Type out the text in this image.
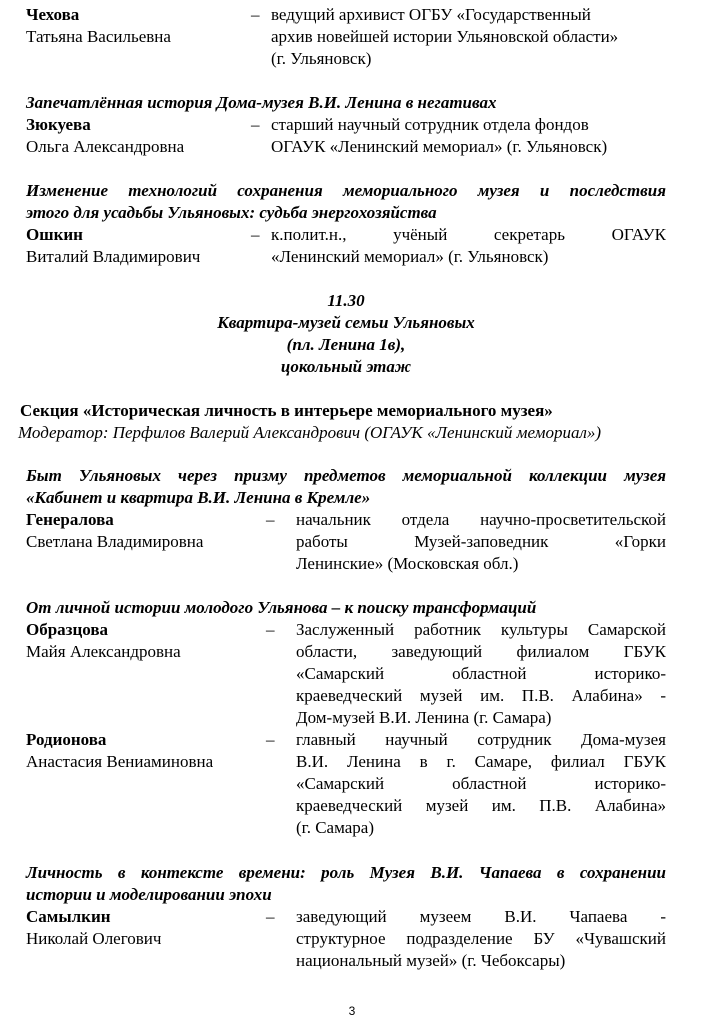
Чехова
Татьяна Васильевна
– ведущий архивист ОГБУ «Государственный
архив новейшей истории Ульяновской области»
(г. Ульяновск)
Запечатлённая история Дома-музея В.И. Ленина в негативах
Зюкуева
Ольга Александровна
– старший научный сотрудник отдела фондов
ОГАУК «Ленинский мемориал» (г. Ульяновск)
Изменение технологий сохранения мемориального музея и последствия
этого для усадьбы Ульяновых: судьба энергохозяйства
Ошкин
Виталий Владимирович
– к.полит.н., учёный секретарь ОГАУК
«Ленинский мемориал» (г. Ульяновск)
11.30
Квартира-музей семьи Ульяновых
(пл. Ленина 1в),
цокольный этаж
Секция «Историческая личность в интерьере мемориального музея»
Модератор: Перфилов Валерий Александрович (ОГАУК «Ленинский мемориал»)
Быт Ульяновых через призму предметов мемориальной коллекции музея
«Кабинет и квартира В.И. Ленина в Кремле»
Генералова
Светлана Владимировна
–	начальник отдела научно-просветительской
работы Музей-заповедник «Горки
Ленинские» (Московская обл.)
От личной истории молодого Ульянова – к поиску трансформаций
Образцова
Майя Александровна
–	Заслуженный работник культуры Самарской
области, заведующий филиалом ГБУК
«Самарский областной историко-
краеведческий музей им. П.В. Алабина» -
Дом-музей В.И. Ленина (г. Самара)
Родионова
Анастасия Вениаминовна
–	главный научный сотрудник Дома-музея
В.И. Ленина в г. Самаре, филиал ГБУК
«Самарский областной историко-
краеведческий музей им. П.В. Алабина»
(г. Самара)
Личность в контексте времени: роль Музея В.И. Чапаева в сохранении
истории и моделировании эпохи
Самылкин
Николай Олегович
–	заведующий музеем В.И. Чапаева -
структурное подразделение БУ «Чувашский
национальный музей» (г. Чебоксары)
3
